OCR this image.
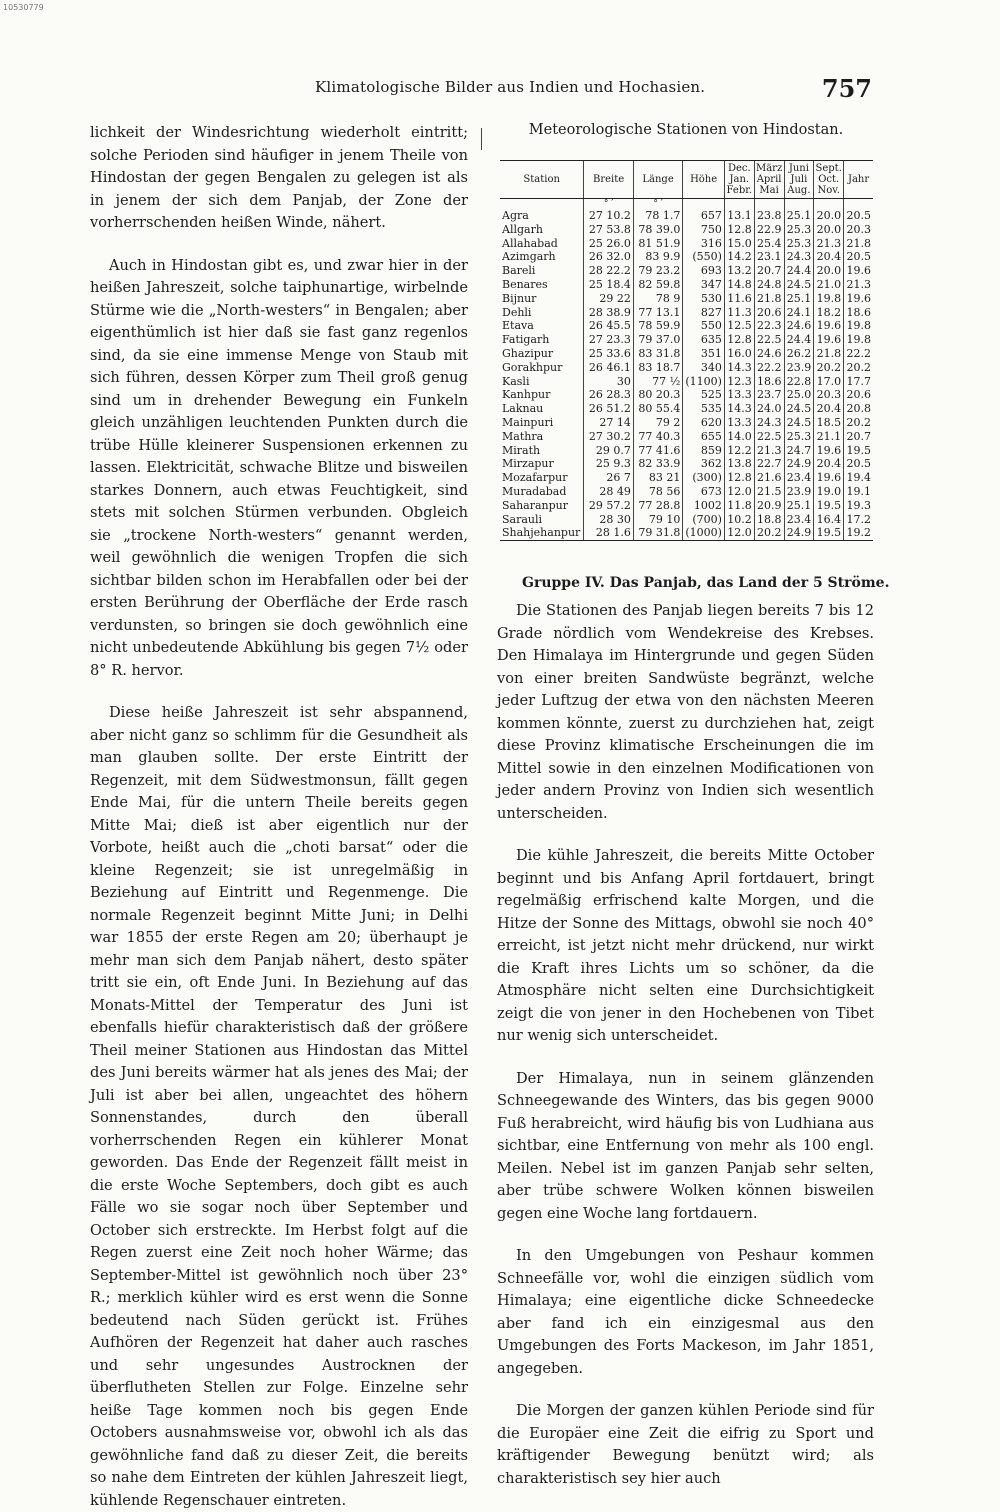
10530779
Klimatologische Bilder aus Indien und Hochasien.	757

lichkeit der Windesrichtung wiederholt eintritt; solche Perioden sind häufiger in jenem Theile von Hindostan der gegen Bengalen zu gelegen ist als in jenem der sich dem Panjab, der Zone der vorherrschenden heißen Winde, nähert.

Auch in Hindostan gibt es, und zwar hier in der heißen Jahreszeit, solche taiphunartige, wirbelnde Stürme wie die „North-westers“ in Bengalen; aber eigenthümlich ist hier daß sie fast ganz regenlos sind, da sie eine immense Menge von Staub mit sich führen, dessen Körper zum Theil groß genug sind um in drehender Bewegung ein Funkeln gleich unzähligen leuchtenden Punkten durch die trübe Hülle kleinerer Suspensionen erkennen zu lassen. Elektricität, schwache Blitze und bisweilen starkes Donnern, auch etwas Feuchtigkeit, sind stets mit solchen Stürmen verbunden. Obgleich sie „trockene North-westers“ genannt werden, weil gewöhnlich die wenigen Tropfen die sich sichtbar bilden schon im Herabfallen oder bei der ersten Berührung der Oberfläche der Erde rasch verdunsten, so bringen sie doch gewöhnlich eine nicht unbedeutende Abkühlung bis gegen 7½ oder 8° R. hervor.

Diese heiße Jahreszeit ist sehr abspannend, aber nicht ganz so schlimm für die Gesundheit als man glauben sollte. Der erste Eintritt der Regenzeit, mit dem Südwestmonsun, fällt gegen Ende Mai, für die untern Theile bereits gegen Mitte Mai; dieß ist aber eigentlich nur der Vorbote, heißt auch die „choti barsat“ oder die kleine Regenzeit; sie ist unregelmäßig in Beziehung auf Eintritt und Regenmenge. Die normale Regenzeit beginnt Mitte Juni; in Delhi war 1855 der erste Regen am 20; überhaupt je mehr man sich dem Panjab nähert, desto später tritt sie ein, oft Ende Juni. In Beziehung auf das Monats-Mittel der Temperatur des Juni ist ebenfalls hiefür charakteristisch daß der größere Theil meiner Stationen aus Hindostan das Mittel des Juni bereits wärmer hat als jenes des Mai; der Juli ist aber bei allen, ungeachtet des höhern Sonnenstandes, durch den überall vorherrschenden Regen ein kühlerer Monat geworden. Das Ende der Regenzeit fällt meist in die erste Woche Septembers, doch gibt es auch Fälle wo sie sogar noch über September und October sich erstreckte. Im Herbst folgt auf die Regen zuerst eine Zeit noch hoher Wärme; das September-Mittel ist gewöhnlich noch über 23° R.; merklich kühler wird es erst wenn die Sonne bedeutend nach Süden gerückt ist. Frühes Aufhören der Regenzeit hat daher auch rasches und sehr ungesundes Austrocknen der überflutheten Stellen zur Folge. Einzelne sehr heiße Tage kommen noch bis gegen Ende Octobers ausnahmsweise vor, obwohl ich als das gewöhnliche fand daß zu dieser Zeit, die bereits so nahe dem Eintreten der kühlen Jahreszeit liegt, kühlende Regenschauer eintreten.

Meteorologische Stationen von Hindostan.
Station	Breite	Länge	Höhe	Dec. Jan. Febr.	März April Mai	Juni Juli Aug.	Sept. Oct. Nov.	Jahr
	° ′	° ′						
Agra	27 10.2	78 1.7	657	13.1	23.8	25.1	20.0	20.5
Allgarh	27 53.8	78 39.0	750	12.8	22.9	25.3	20.0	20.3
Allahabad	25 26.0	81 51.9	316	15.0	25.4	25.3	21.3	21.8
Azimgarh	26 32.0	83 9.9	(550)	14.2	23.1	24.3	20.4	20.5
Bareli	28 22.2	79 23.2	693	13.2	20.7	24.4	20.0	19.6
Benares	25 18.4	82 59.8	347	14.8	24.8	24.5	21.0	21.3
Bijnur	29 22	78 9	530	11.6	21.8	25.1	19.8	19.6
Dehli	28 38.9	77 13.1	827	11.3	20.6	24.1	18.2	18.6
Etava	26 45.5	78 59.9	550	12.5	22.3	24.6	19.6	19.8
Fatigarh	27 23.3	79 37.0	635	12.8	22.5	24.4	19.6	19.8
Ghazipur	25 33.6	83 31.8	351	16.0	24.6	26.2	21.8	22.2
Gorakhpur	26 46.1	83 18.7	340	14.3	22.2	23.9	20.2	20.2
Kasli	30	77 ½	(1100)	12.3	18.6	22.8	17.0	17.7
Kanhpur	26 28.3	80 20.3	525	13.3	23.7	25.0	20.3	20.6
Laknau	26 51.2	80 55.4	535	14.3	24.0	24.5	20.4	20.8
Mainpuri	27 14	79 2	620	13.3	24.3	24.5	18.5	20.2
Mathra	27 30.2	77 40.3	655	14.0	22.5	25.3	21.1	20.7
Mirath	29 0.7	77 41.6	859	12.2	21.3	24.7	19.6	19.5
Mirzapur	25 9.3	82 33.9	362	13.8	22.7	24.9	20.4	20.5
Mozafarpur	26 7	83 21	(300)	12.8	21.6	23.4	19.6	19.4
Muradabad	28 49	78 56	673	12.0	21.5	23.9	19.0	19.1
Saharanpur	29 57.2	77 28.8	1002	11.8	20.9	25.1	19.5	19.3
Sarauli	28 30	79 10	(700)	10.2	18.8	23.4	16.4	17.2
Shahjehanpur	28 1.6	79 31.8	(1000)	12.0	20.2	24.9	19.5	19.2
Gruppe IV. Das Panjab, das Land der 5 Ströme.

Die Stationen des Panjab liegen bereits 7 bis 12 Grade nördlich vom Wendekreise des Krebses. Den Himalaya im Hintergrunde und gegen Süden von einer breiten Sandwüste begränzt, welche jeder Luftzug der etwa von den nächsten Meeren kommen könnte, zuerst zu durchziehen hat, zeigt diese Provinz klimatische Erscheinungen die im Mittel sowie in den einzelnen Modificationen von jeder andern Provinz von Indien sich wesentlich unterscheiden.

Die kühle Jahreszeit, die bereits Mitte October beginnt und bis Anfang April fortdauert, bringt regelmäßig erfrischend kalte Morgen, und die Hitze der Sonne des Mittags, obwohl sie noch 40° erreicht, ist jetzt nicht mehr drückend, nur wirkt die Kraft ihres Lichts um so schöner, da die Atmosphäre nicht selten eine Durchsichtigkeit zeigt die von jener in den Hochebenen von Tibet nur wenig sich unterscheidet.

Der Himalaya, nun in seinem glänzenden Schneegewande des Winters, das bis gegen 9000 Fuß herabreicht, wird häufig bis von Ludhiana aus sichtbar, eine Entfernung von mehr als 100 engl. Meilen. Nebel ist im ganzen Panjab sehr selten, aber trübe schwere Wolken können bisweilen gegen eine Woche lang fortdauern.

In den Umgebungen von Peshaur kommen Schneefälle vor, wohl die einzigen südlich vom Himalaya; eine eigentliche dicke Schneedecke aber fand ich ein einzigesmal aus den Umgebungen des Forts Mackeson, im Jahr 1851, angegeben.

Die Morgen der ganzen kühlen Periode sind für die Europäer eine Zeit die eifrig zu Sport und kräftigender Bewegung benützt wird; als charakteristisch sey hier auch
